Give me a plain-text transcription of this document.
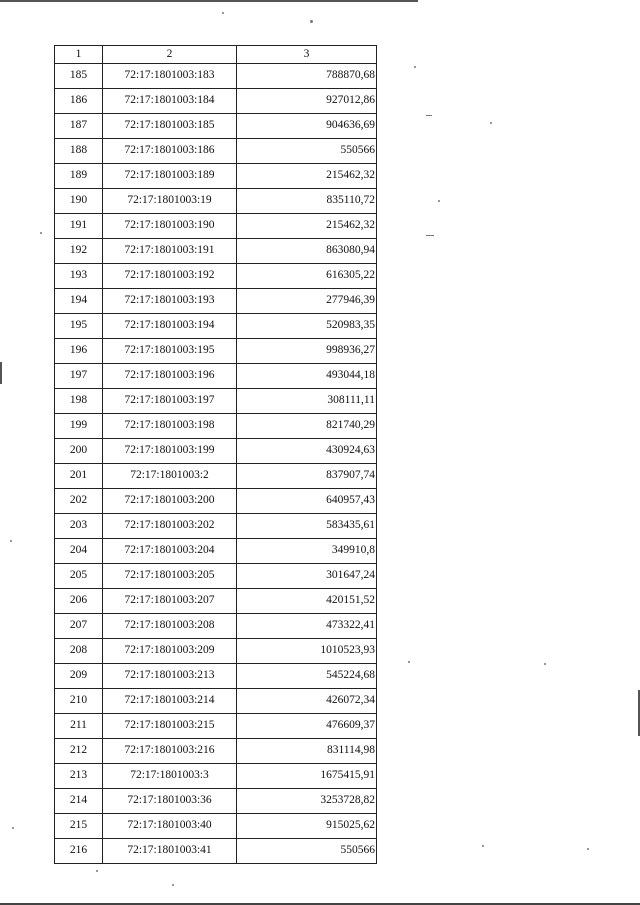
1	2	3
185	72:17:1801003:183	788870,68
186	72:17:1801003:184	927012,86
187	72:17:1801003:185	904636,69
188	72:17:1801003:186	550566
189	72:17:1801003:189	215462,32
190	72:17:1801003:19	835110,72
191	72:17:1801003:190	215462,32
192	72:17:1801003:191	863080,94
193	72:17:1801003:192	616305,22
194	72:17:1801003:193	277946,39
195	72:17:1801003:194	520983,35
196	72:17:1801003:195	998936,27
197	72:17:1801003:196	493044,18
198	72:17:1801003:197	308111,11
199	72:17:1801003:198	821740,29
200	72:17:1801003:199	430924,63
201	72:17:1801003:2	837907,74
202	72:17:1801003:200	640957,43
203	72:17:1801003:202	583435,61
204	72:17:1801003:204	349910,8
205	72:17:1801003:205	301647,24
206	72:17:1801003:207	420151,52
207	72:17:1801003:208	473322,41
208	72:17:1801003:209	1010523,93
209	72:17:1801003:213	545224,68
210	72:17:1801003:214	426072,34
211	72:17:1801003:215	476609,37
212	72:17:1801003:216	831114,98
213	72:17:1801003:3	1675415,91
214	72:17:1801003:36	3253728,82
215	72:17:1801003:40	915025,62
216	72:17:1801003:41	550566
